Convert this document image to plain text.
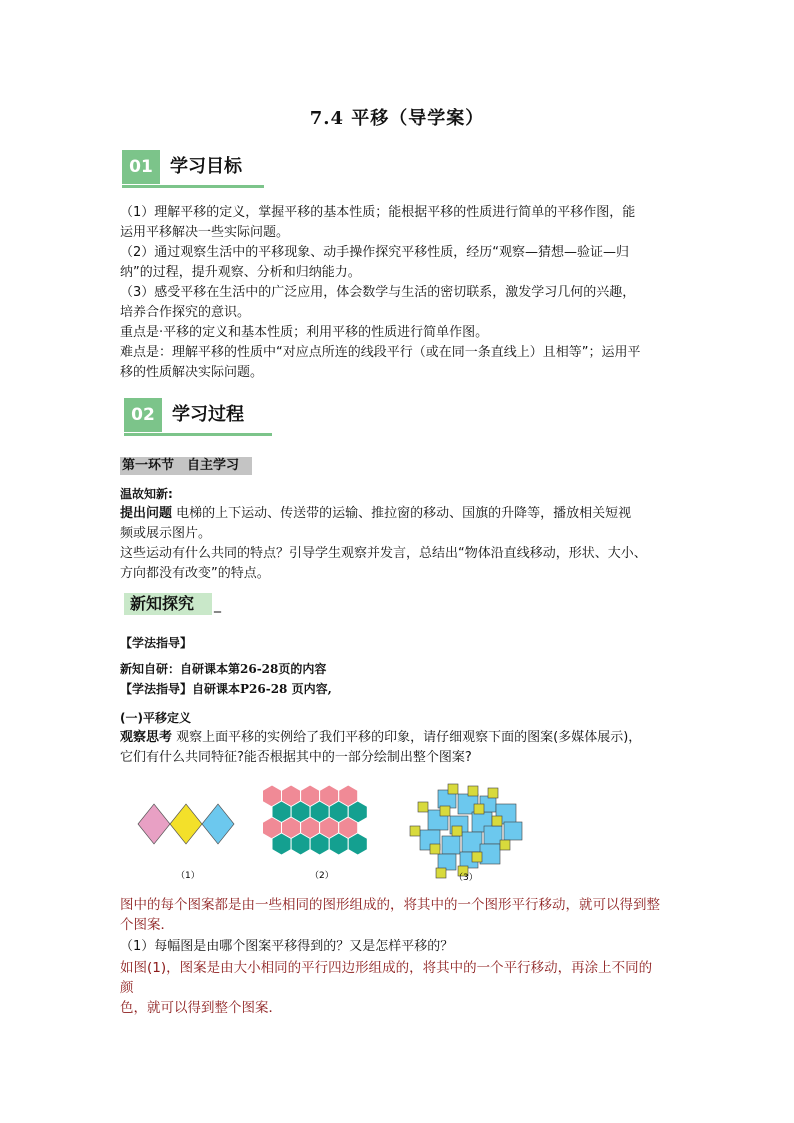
7.4 平移（导学案）
01 学习目标
（1）理解平移的定义，掌握平移的基本性质；能根据平移的性质进行简单的平移作图，能
运用平移解决一些实际问题。
（2）通过观察生活中的平移现象、动手操作探究平移性质，经历“观察—猜想—验证—归
纳”的过程，提升观察、分析和归纳能力。
（3）感受平移在生活中的广泛应用，体会数学与生活的密切联系，激发学习几何的兴趣，
培养合作探究的意识。
重点是·平移的定义和基本性质；利用平移的性质进行简单作图。
难点是：理解平移的性质中“对应点所连的线段平行（或在同一条直线上）且相等”；运用平
移的性质解决实际问题。
02 学习过程
第一环节　自主学习
温故知新:
提出问题 电梯的上下运动、传送带的运输、推拉窗的移动、国旗的升降等，播放相关短视
频或展示图片。
这些运动有什么共同的特点？引导学生观察并发言，总结出“物体沿直线移动，形状、大小、
方向都没有改变”的特点。
新知探究	_
【学法指导】
新知自研：自研课本第26-28页的内容
【学法指导】自研课本P26-28 页内容,
(一)平移定义
观察思考 观察上面平移的实例给了我们平移的印象，请仔细观察下面的图案(多媒体展示)，
它们有什么共同特征?能否根据其中的一部分绘制出整个图案?
（1）	（2）	（3）
图中的每个图案都是由一些相同的图形组成的，将其中的一个图形平行移动，就可以得到整
个图案．
（1）每幅图是由哪个图案平移得到的？又是怎样平移的？
如图(1)，图案是由大小相同的平行四边形组成的，将其中的一个平行移动，再涂上不同的
颜
色，就可以得到整个图案．
